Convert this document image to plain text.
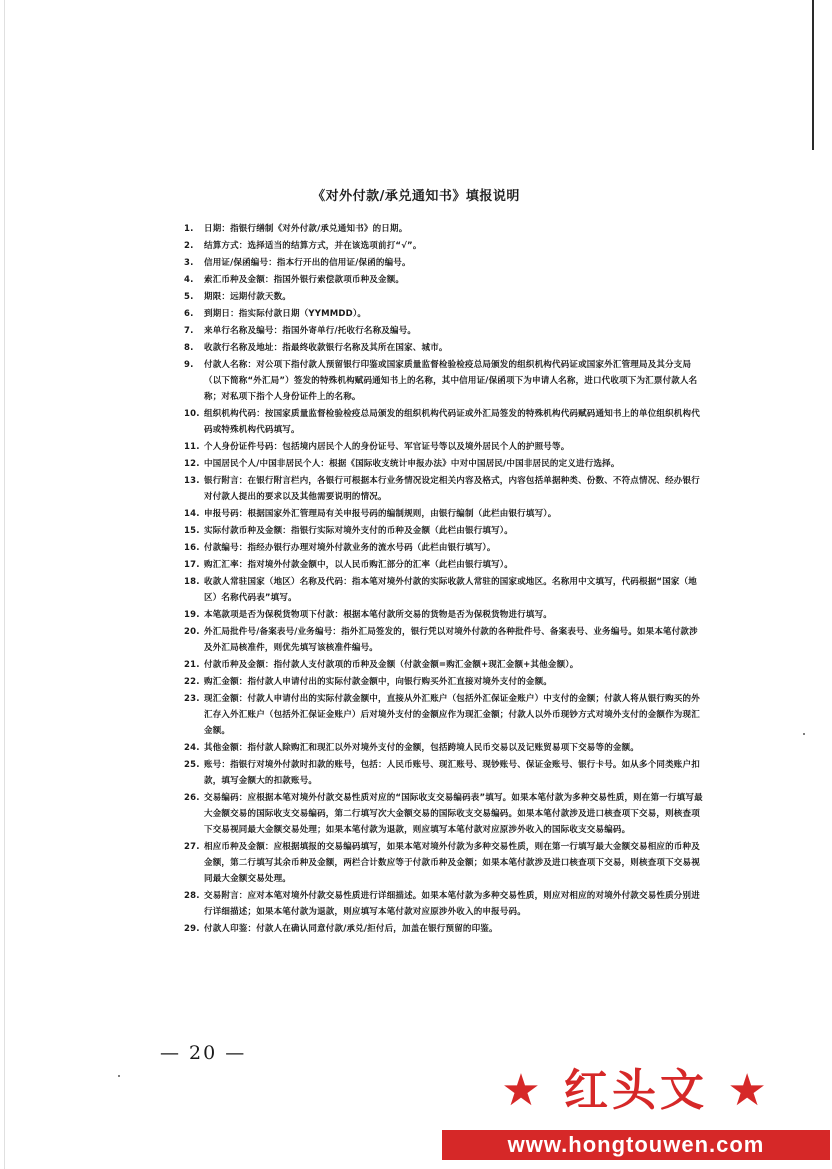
《对外付款/承兑通知书》填报说明
1.	日期：指银行缮制《对外付款/承兑通知书》的日期。
2.	结算方式：选择适当的结算方式，并在该选项前打“√”。
3.	信用证/保函编号：指本行开出的信用证/保函的编号。
4.	索汇币种及金额：指国外银行索偿款项币种及金额。
5.	期限：远期付款天数。
6.	到期日：指实际付款日期（YYMMDD）。
7.	来单行名称及编号：指国外寄单行/托收行名称及编号。
8.	收款行名称及地址：指最终收款银行名称及其所在国家、城市。
9.	付款人名称：对公项下指付款人预留银行印鉴或国家质量监督检验检疫总局颁发的组织机构代码证或国家外汇管理局及其分支局（以下简称“外汇局”）签发的特殊机构赋码通知书上的名称，其中信用证/保函项下为申请人名称，进口代收项下为汇票付款人名称；对私项下指个人身份证件上的名称。
10. 组织机构代码：按国家质量监督检验检疫总局颁发的组织机构代码证或外汇局签发的特殊机构代码赋码通知书上的单位组织机构代码或特殊机构代码填写。
11. 个人身份证件号码：包括境内居民个人的身份证号、军官证号等以及境外居民个人的护照号等。
12. 中国居民个人/中国非居民个人：根据《国际收支统计申报办法》中对中国居民/中国非居民的定义进行选择。
13. 银行附言：在银行附言栏内，各银行可根据本行业务情况设定相关内容及格式，内容包括单据种类、份数、不符点情况、经办银行对付款人提出的要求以及其他需要说明的情况。
14. 申报号码：根据国家外汇管理局有关申报号码的编制规则，由银行编制（此栏由银行填写）。
15. 实际付款币种及金额：指银行实际对境外支付的币种及金额（此栏由银行填写）。
16. 付款编号：指经办银行办理对境外付款业务的流水号码（此栏由银行填写）。
17. 购汇汇率：指对境外付款金额中，以人民币购汇部分的汇率（此栏由银行填写）。
18. 收款人常驻国家（地区）名称及代码：指本笔对境外付款的实际收款人常驻的国家或地区。名称用中文填写，代码根据“国家（地区）名称代码表”填写。
19. 本笔款项是否为保税货物项下付款：根据本笔付款所交易的货物是否为保税货物进行填写。
20. 外汇局批件号/备案表号/业务编号：指外汇局签发的，银行凭以对境外付款的各种批件号、备案表号、业务编号。如果本笔付款涉及外汇局核准件，则优先填写该核准件编号。
21. 付款币种及金额：指付款人支付款项的币种及金额（付款金额=购汇金额+现汇金额+其他金额）。
22. 购汇金额：指付款人申请付出的实际付款金额中，向银行购买外汇直接对境外支付的金额。
23. 现汇金额：付款人申请付出的实际付款金额中，直接从外汇账户（包括外汇保证金账户）中支付的金额；付款人将从银行购买的外汇存入外汇账户（包括外汇保证金账户）后对境外支付的金额应作为现汇金额；付款人以外币现钞方式对境外支付的金额作为现汇金额。
24. 其他金额：指付款人除购汇和现汇以外对境外支付的金额，包括跨境人民币交易以及记账贸易项下交易等的金额。
25. 账号：指银行对境外付款时扣款的账号，包括：人民币账号、现汇账号、现钞账号、保证金账号、银行卡号。如从多个同类账户扣款，填写金额大的扣款账号。
26. 交易编码：应根据本笔对境外付款交易性质对应的“国际收支交易编码表”填写。如果本笔付款为多种交易性质，则在第一行填写最大金额交易的国际收支交易编码，第二行填写次大金额交易的国际收支交易编码。如果本笔付款涉及进口核查项下交易，则核查项下交易视同最大金额交易处理；如果本笔付款为退款，则应填写本笔付款对应原涉外收入的国际收支交易编码。
27. 相应币种及金额：应根据填报的交易编码填写，如果本笔对境外付款为多种交易性质，则在第一行填写最大金额交易相应的币种及金额，第二行填写其余币种及金额，两栏合计数应等于付款币种及金额；如果本笔付款涉及进口核查项下交易，则核查项下交易视同最大金额交易处理。
28. 交易附言：应对本笔对境外付款交易性质进行详细描述。如果本笔付款为多种交易性质，则应对相应的对境外付款交易性质分别进行详细描述；如果本笔付款为退款，则应填写本笔付款对应原涉外收入的申报号码。
29. 付款人印鉴：付款人在确认同意付款/承兑/拒付后，加盖在银行预留的印鉴。
— 20 —
★ 红头文 ★
www.hongtouwen.com
